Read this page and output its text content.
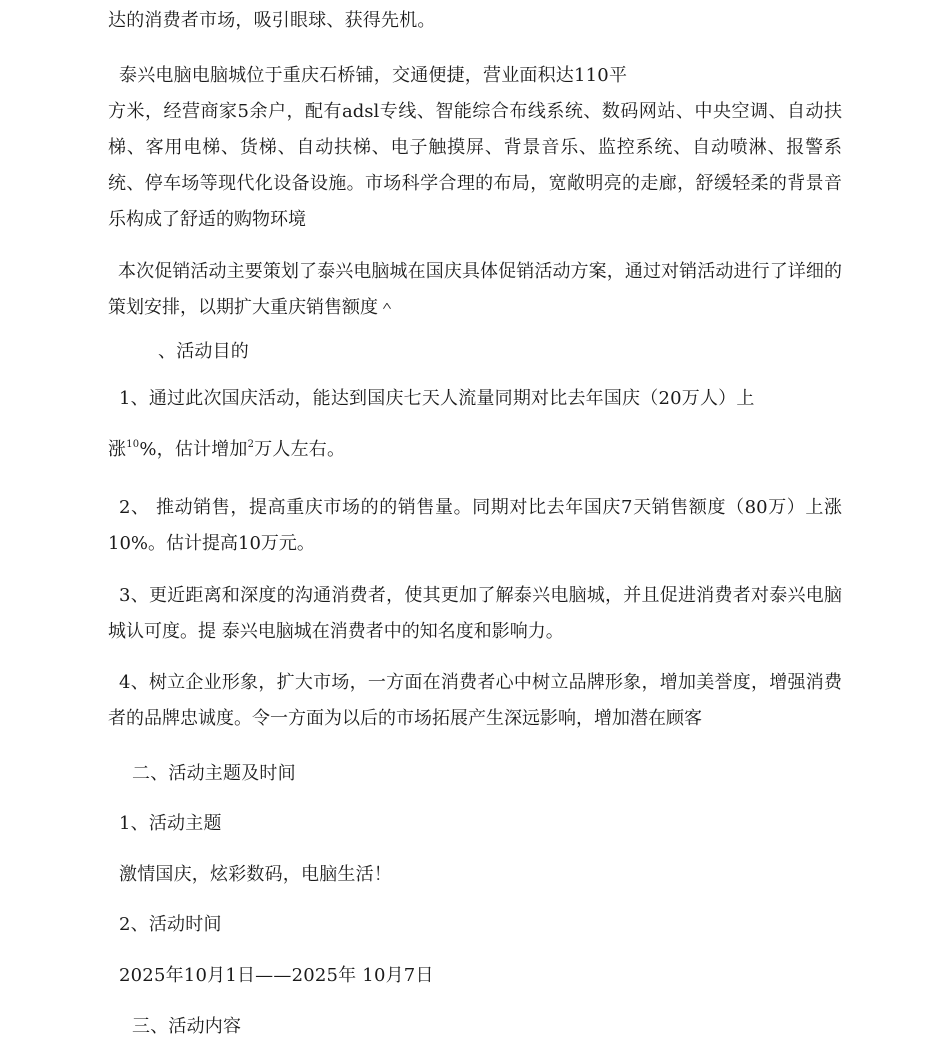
达的消费者市场，吸引眼球、获得先机。
泰兴电脑电脑城位于重庆石桥铺，交通便捷，营业面积达110平
方米，经营商家5余户，配有adsl专线、智能综合布线系统、数码网站、中央空调、自动扶梯、客用电梯、货梯、自动扶梯、电子触摸屏、背景音乐、监控系统、自动喷淋、报警系统、停车场等现代化设备设施。市场科学合理的布局，宽敞明亮的走廊，舒缓轻柔的背景音乐构成了舒适的购物环境
本次促销活动主要策划了泰兴电脑城在国庆具体促销活动方案，通过对销活动进行了详细的策划安排，以期扩大重庆销售额度＾
、活动目的
1、通过此次国庆活动，能达到国庆七天人流量同期对比去年国庆（20万人）上
涨$^{10}$%，估计增加$^2$万人左右。
2、 推动销售，提高重庆市场的的销售量。同期对比去年国庆7天销售额度（80万）上涨10%。估计提高10万元。
3、更近距离和深度的沟通消费者，使其更加了解泰兴电脑城，并且促进消费者对泰兴电脑城认可度。提 泰兴电脑城在消费者中的知名度和影响力。
4、树立企业形象，扩大市场，一方面在消费者心中树立品牌形象，增加美誉度，增强消费者的品牌忠诚度。令一方面为以后的市场拓展产生深远影响，增加潜在顾客
二、活动主题及时间
1、活动主题
激情国庆，炫彩数码，电脑生活！
2、活动时间
2025年10月1日——2025年 10月7日
三、活动内容
